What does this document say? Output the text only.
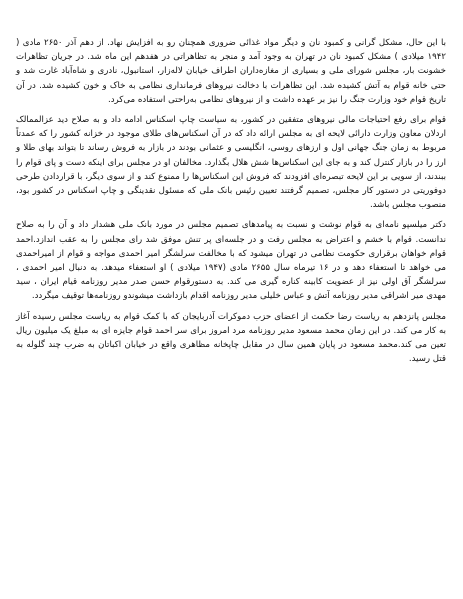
با این حال، مشکل گرانی و کمبود نان و دیگر مواد غذائی ضروری همچنان رو به افزایش نهاد. از دهم آذر ۲۶۵۰ مادی ( ۱۹۴۲ میلادی ) مشکل کمبود نان در تهران به وجود آمد و منجر به تظاهراتی در هفدهم این ماه شد. در جریان تظاهرات خشونت بار، مجلس شورای ملی و بسیاری از مغازه‌داران اطراف خیابان لاله‌زار، استانبول، نادری و شاه‌آباد غارت شد و حتی خانه قوام به آتش کشیده شد. این تظاهرات با دخالت نیروهای فرمانداری نظامی به خاک و خون کشیده شد. در آن تاریخ قوام خود وزارت جنگ را نیز بر عهده داشت و از نیروهای نظامی به‌راحتی استفاده می‌کرد.

قوام برای رفع احتیاجات مالی نیروهای متفقین در کشور، به سیاست چاپ اسکناس ادامه داد و به صلاح دید عزالممالک اردلان معاون وزارت دارائی لایحه ای به مجلس ارائه داد که در آن اسکناس‌های طلای موجود در خزانه کشور را که عمدتاً مربوط به زمان جنگ جهانی اول و ارزهای روسی، انگلیسی و عثمانی بودند در بازار به فروش رساند تا بتواند بهای طلا و ارز را در بازار کنترل کند و به جای این اسکناس‌ها شش هلال بگذارد. مخالفان او در مجلس برای اینکه دست و پای قوام را ببندند، از سویی بر این لایحه تبصره‌ای افزودند که فروش این اسکناس‌ها را ممنوع کند و از سوی دیگر، با قراردادن طرحی دوفوریتی در دستور کار مجلس، تصمیم گرفتند تعیین رئیس بانک ملی که مسئول نقدینگی و چاپ اسکناس در کشور بود، منصوب مجلس باشد.

دکتر میلسپو نامه‌ای به قوام نوشت و نسبت به پیامدهای تصمیم مجلس در مورد بانک ملی هشدار داد و آن را به صلاح ندانست. قوام با خشم و اعتراض به مجلس رفت و در جلسه‌ای پر تنش موفق شد رای مجلس را به عقب اندازد.احمد قوام خواهان برقراری حکومت نظامی در تهران میشود که با مخالفت سرلشگر امیر احمدی مواجه و قوام از امیراحمدی می خواهد تا استعفاء دهد و در ۱۶ تیرماه سال ۲۶۵۵ مادی (۱۹۴۷ میلادی ) او استعفاء میدهد. به دنبال امیر احمدی ، سرلشگر آق اولی نیز از عضویت کابینه کناره گیری می کند. به دستورقوام حسن صدر مدیر روزنامه قیام ایران ، سید مهدی میر اشراقی مدیر روزنامه آتش و عباس خلیلی مدیر روزنامه اقدام بازداشت میشوندو روزنامه‌ها توقیف میگردد.

مجلس پانزدهم به ریاست رضا حکمت از اعضای حزب دموکرات آذربایجان که با کمک قوام به ریاست مجلس رسیده آغاز به کار می کند. در این زمان محمد مسعود مدیر روزنامه مرد امروز برای سر احمد قوام جایزه ای به مبلغ یک میلیون ریال تعین می کند.محمد مسعود در پایان همین سال در مقابل چاپخانه مظاهری واقع در خیابان اکباتان به ضرب چند گلوله به قتل رسید.
